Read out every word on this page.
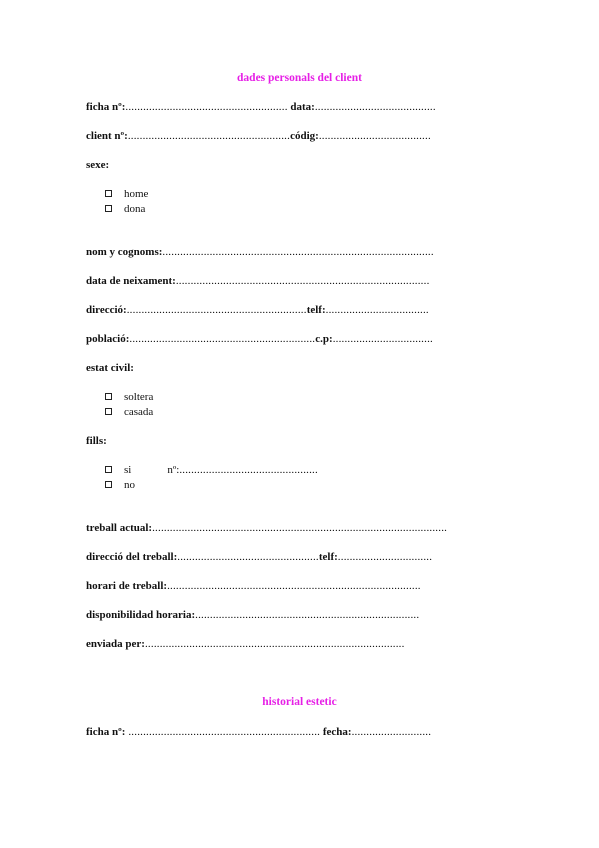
dades personals del client
ficha nº:....................................................... data:.........................................
client nº:.......................................................códig:......................................
sexe:
home
dona
nom y cognoms:............................................................................................
data de neixament:......................................................................................
direcció:.............................................................telf:...................................
població:...............................................................c.p:..................................
estat civil:
soltera
casada
fills:
si	nº:...............................................
no
treball actual:....................................................................................................
direcció del treball:................................................telf:................................
horari de treball:......................................................................................
disponibilidad horaria:............................................................................
enviada per:........................................................................................
historial estetic
ficha nº: ................................................................. fecha:...........................
